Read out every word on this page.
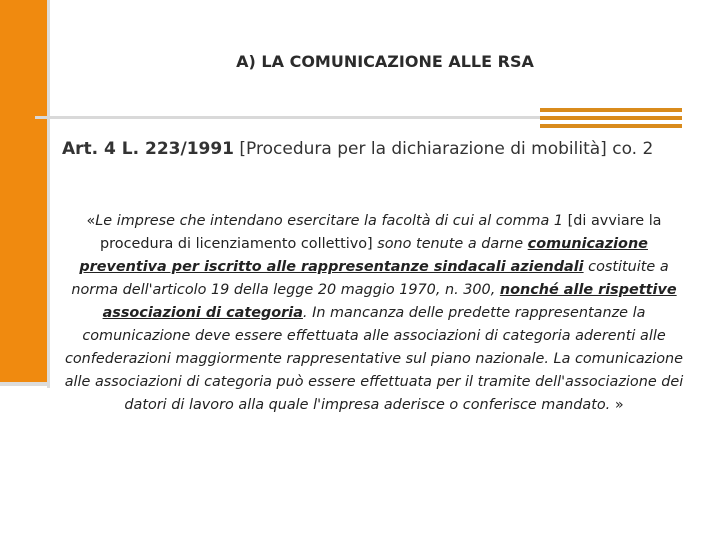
A) LA COMUNICAZIONE ALLE RSA
Art. 4 L. 223/1991 [Procedura per la dichiarazione di mobilità] co. 2
«Le imprese che intendano esercitare la facoltà di cui al comma 1 [di avviare la procedura di licenziamento collettivo] sono tenute a darne comunicazione preventiva per iscritto alle rappresentanze sindacali aziendali costituite a norma dell'articolo 19 della legge 20 maggio 1970, n. 300, nonché alle rispettive associazioni di categoria. In mancanza delle predette rappresentanze la comunicazione deve essere effettuata alle associazioni di categoria aderenti alle confederazioni maggiormente rappresentative sul piano nazionale. La comunicazione alle associazioni di categoria può essere effettuata per il tramite dell'associazione dei datori di lavoro alla quale l'impresa aderisce o conferisce mandato. »
